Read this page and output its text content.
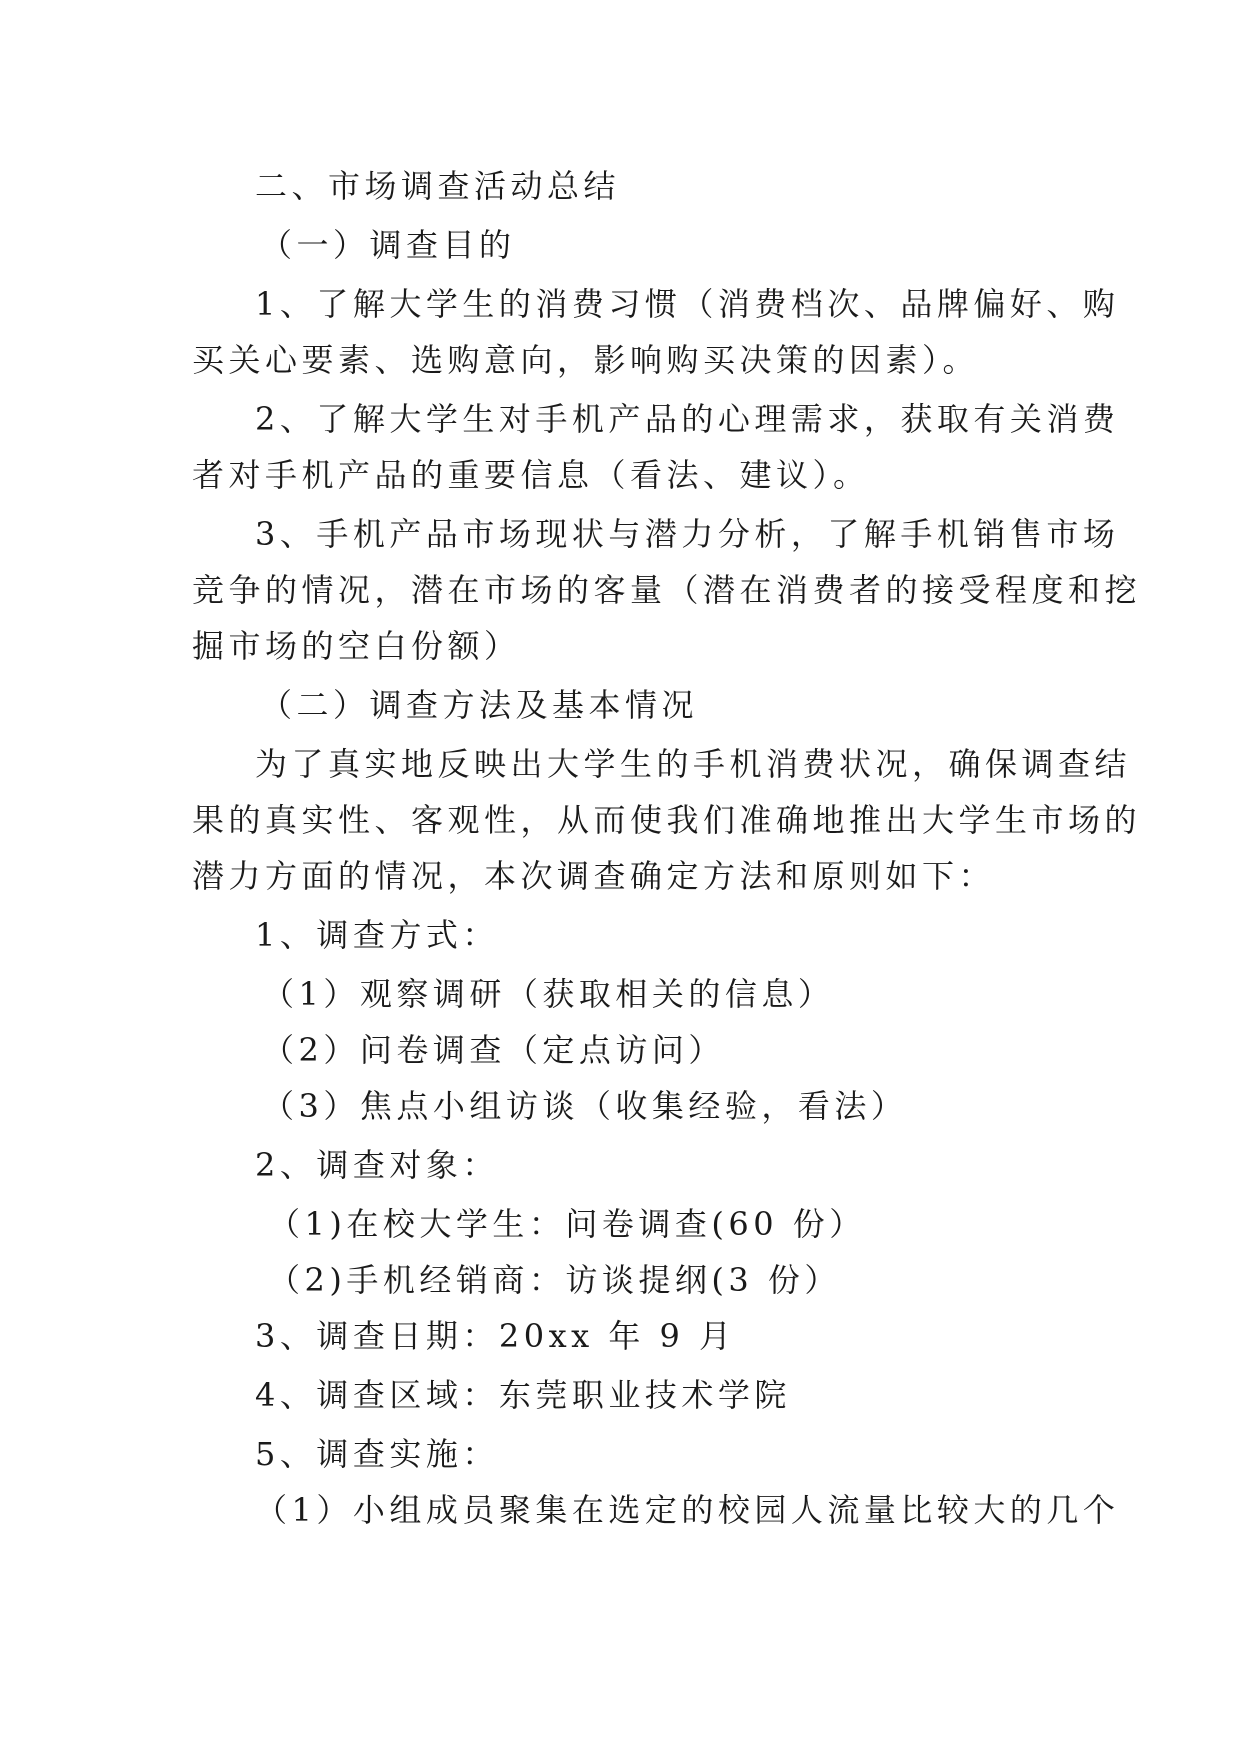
二、市场调查活动总结
（一）调查目的
1、了解大学生的消费习惯（消费档次、品牌偏好、购
买关心要素、选购意向，影响购买决策的因素）。
2、了解大学生对手机产品的心理需求，获取有关消费
者对手机产品的重要信息（看法、建议）。
3、手机产品市场现状与潜力分析，了解手机销售市场
竞争的情况，潜在市场的客量（潜在消费者的接受程度和挖
掘市场的空白份额）
（二）调查方法及基本情况
为了真实地反映出大学生的手机消费状况，确保调查结
果的真实性、客观性，从而使我们准确地推出大学生市场的
潜力方面的情况，本次调查确定方法和原则如下：
1、调查方式：
（1）观察调研（获取相关的信息）
（2）问卷调查（定点访问）
（3）焦点小组访谈（收集经验，看法）
2、调查对象：
（1)在校大学生：问卷调查(60 份）
（2)手机经销商：访谈提纲(3 份）
3、调查日期：20xx 年 9 月
4、调查区域：东莞职业技术学院
5、调查实施：
（1）小组成员聚集在选定的校园人流量比较大的几个
